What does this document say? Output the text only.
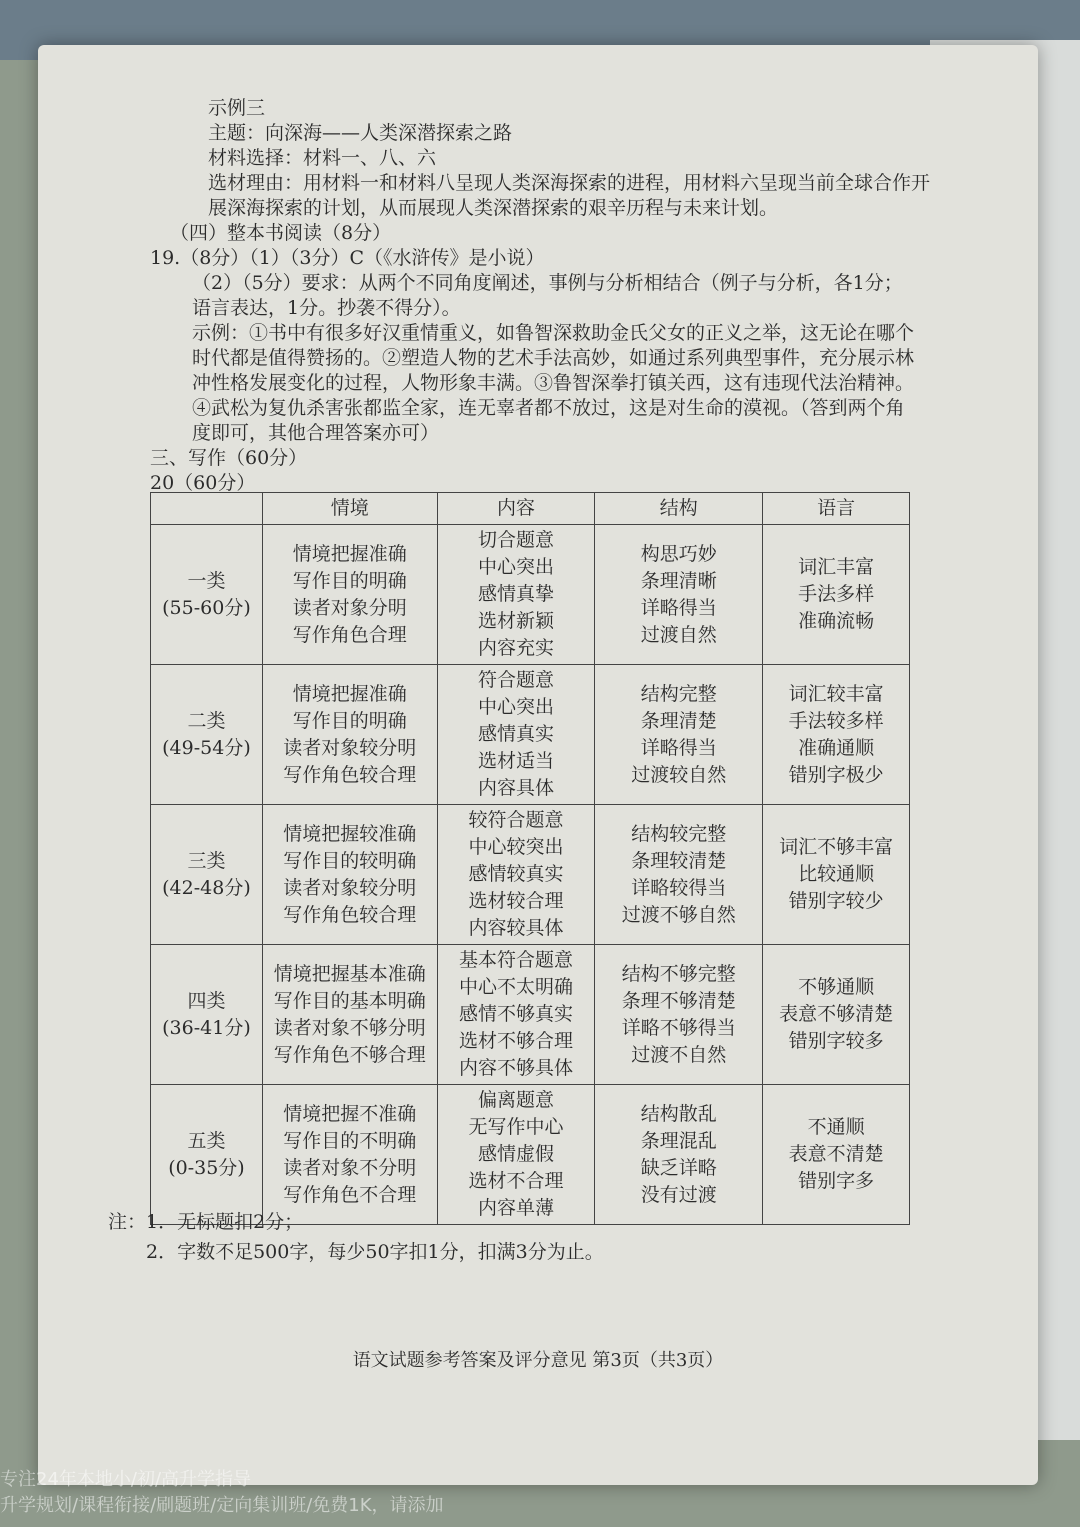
示例三
主题：向深海——人类深潜探索之路
材料选择：材料一、八、六
选材理由：用材料一和材料八呈现人类深海探索的进程，用材料六呈现当前全球合作开
展深海探索的计划，从而展现人类深潜探索的艰辛历程与未来计划。
（四）整本书阅读（8分）
19.（8分）（1）（3分）C（《水浒传》是小说）
（2）（5分）要求：从两个不同角度阐述，事例与分析相结合（例子与分析，各1分；
语言表达，1分。抄袭不得分）。
示例：①书中有很多好汉重情重义，如鲁智深救助金氏父女的正义之举，这无论在哪个
时代都是值得赞扬的。②塑造人物的艺术手法高妙，如通过系列典型事件，充分展示林
冲性格发展变化的过程，人物形象丰满。③鲁智深拳打镇关西，这有违现代法治精神。
④武松为复仇杀害张都监全家，连无辜者都不放过，这是对生命的漠视。（答到两个角
度即可，其他合理答案亦可）
三、写作（60分）
20（60分）
	情境	内容	结构	语言

一类
(55-60分)	情境把握准确
写作目的明确
读者对象分明
写作角色合理	切合题意
中心突出
感情真挚
选材新颖
内容充实	构思巧妙
条理清晰
详略得当
过渡自然	词汇丰富
手法多样
准确流畅

二类
(49-54分)	情境把握准确
写作目的明确
读者对象较分明
写作角色较合理	符合题意
中心突出
感情真实
选材适当
内容具体	结构完整
条理清楚
详略得当
过渡较自然	词汇较丰富
手法较多样
准确通顺
错别字极少

三类
(42-48分)	情境把握较准确
写作目的较明确
读者对象较分明
写作角色较合理	较符合题意
中心较突出
感情较真实
选材较合理
内容较具体	结构较完整
条理较清楚
详略较得当
过渡不够自然	词汇不够丰富
比较通顺
错别字较少

四类
(36-41分)	情境把握基本准确
写作目的基本明确
读者对象不够分明
写作角色不够合理	基本符合题意
中心不太明确
感情不够真实
选材不够合理
内容不够具体	结构不够完整
条理不够清楚
详略不够得当
过渡不自然	不够通顺
表意不够清楚
错别字较多

五类
(0-35分)	情境把握不准确
写作目的不明确
读者对象不分明
写作角色不合理	偏离题意
无写作中心
感情虚假
选材不合理
内容单薄	结构散乱
条理混乱
缺乏详略
没有过渡	不通顺
表意不清楚
错别字多
注：1．无标题扣2分；
2．字数不足500字，每少50字扣1分，扣满3分为止。
语文试题参考答案及评分意见 第3页（共3页）
专注24年本地小/初/高升学指导
升学规划/课程衔接/刷题班/定向集训班/免费1K，请添加
